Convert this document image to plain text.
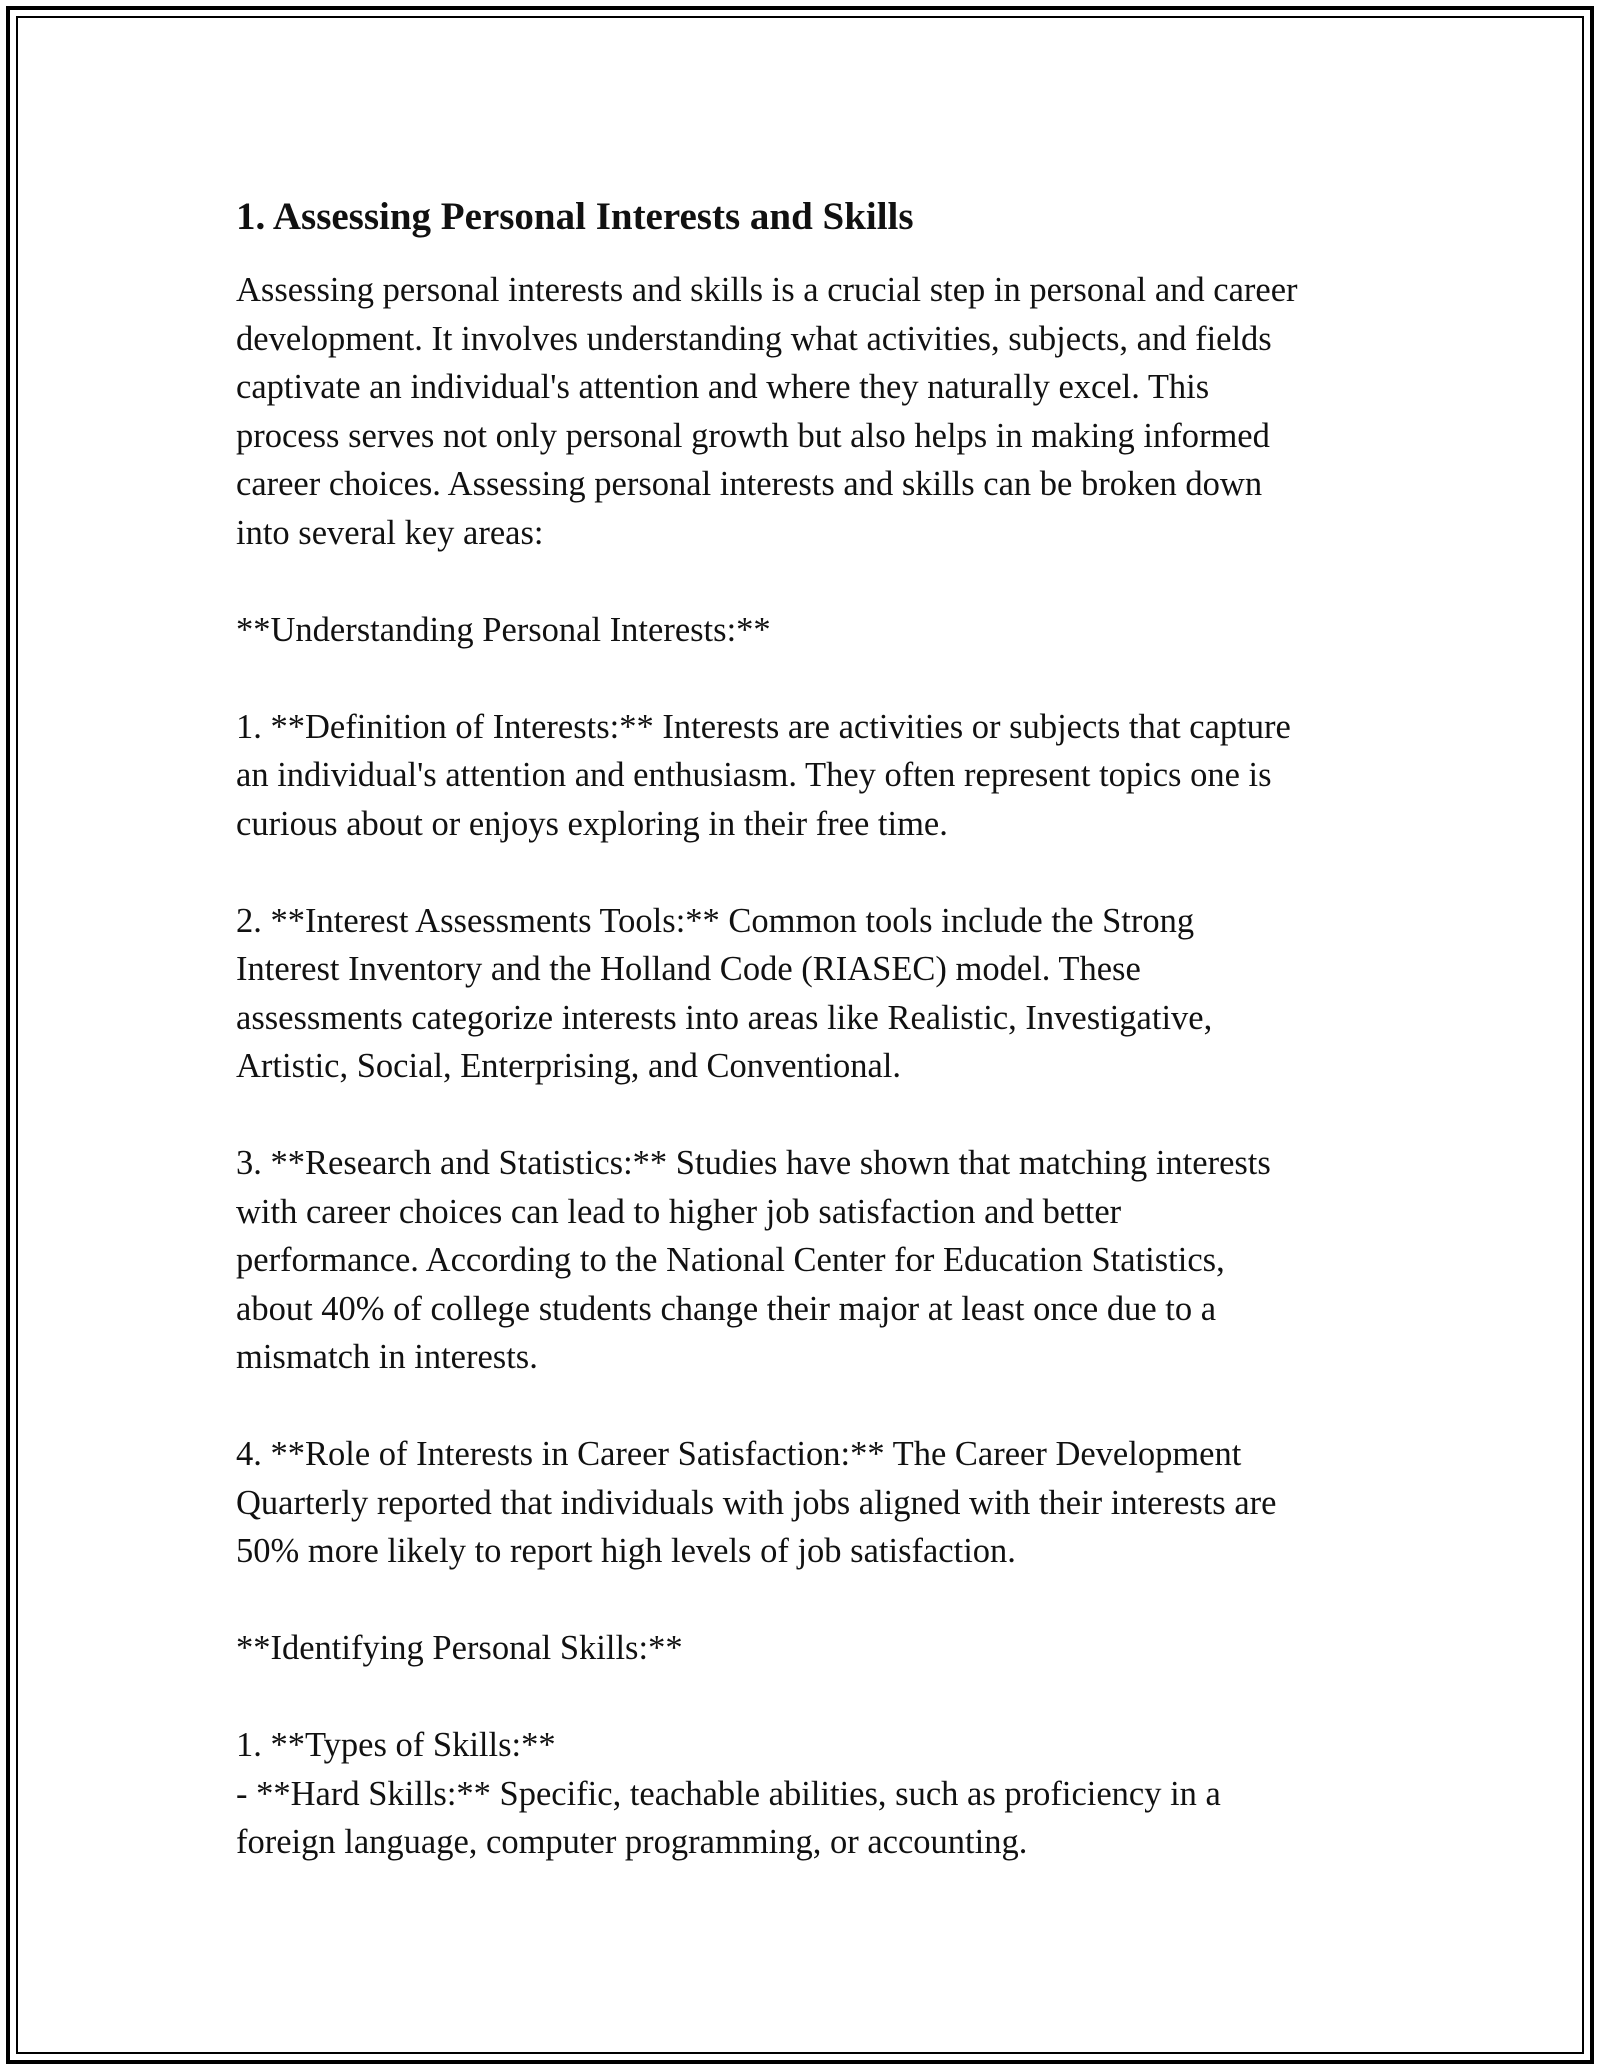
1. Assessing Personal Interests and Skills

Assessing personal interests and skills is a crucial step in personal and career
development. It involves understanding what activities, subjects, and fields
captivate an individual's attention and where they naturally excel. This
process serves not only personal growth but also helps in making informed
career choices. Assessing personal interests and skills can be broken down
into several key areas:

**Understanding Personal Interests:**

1. **Definition of Interests:** Interests are activities or subjects that capture
an individual's attention and enthusiasm. They often represent topics one is
curious about or enjoys exploring in their free time.

2. **Interest Assessments Tools:** Common tools include the Strong
Interest Inventory and the Holland Code (RIASEC) model. These
assessments categorize interests into areas like Realistic, Investigative,
Artistic, Social, Enterprising, and Conventional.

3. **Research and Statistics:** Studies have shown that matching interests
with career choices can lead to higher job satisfaction and better
performance. According to the National Center for Education Statistics,
about 40% of college students change their major at least once due to a
mismatch in interests.

4. **Role of Interests in Career Satisfaction:** The Career Development
Quarterly reported that individuals with jobs aligned with their interests are
50% more likely to report high levels of job satisfaction.

**Identifying Personal Skills:**

1. **Types of Skills:**
- **Hard Skills:** Specific, teachable abilities, such as proficiency in a
foreign language, computer programming, or accounting.
